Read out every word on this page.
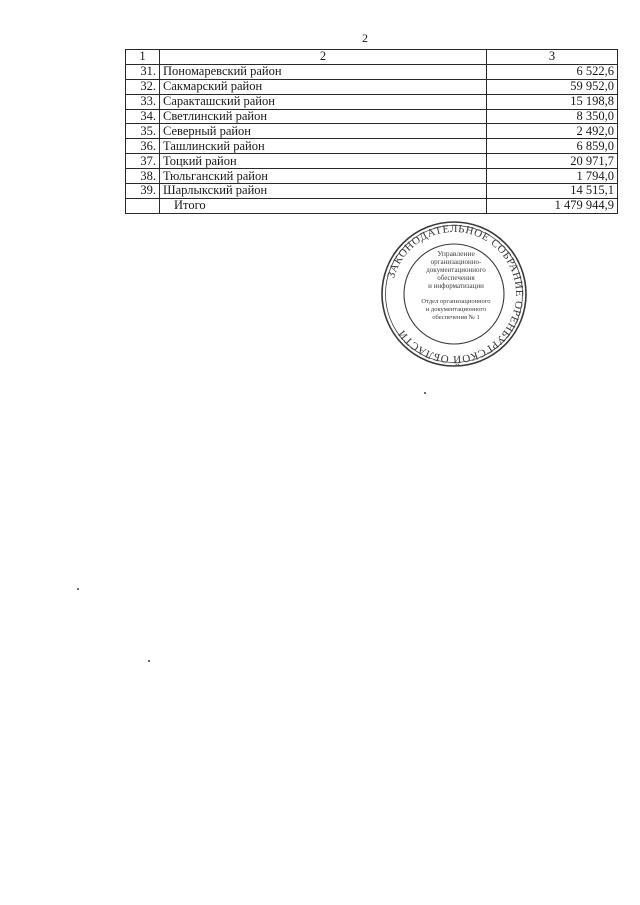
2
1	2	3
31.	Пономаревский район	6 522,6
32.	Сакмарский район	59 952,0
33.	Саракташский район	15 198,8
34.	Светлинский район	8 350,0
35.	Северный район	2 492,0
36.	Ташлинский район	6 859,0
37.	Тоцкий район	20 971,7
38.	Тюльганский район	1 794,0
39.	Шарлыкский район	14 515,1
	Итого	1 479 944,9
ЗАКОНОДАТЕЛЬНОЕ СОБРАНИЕ ОРЕНБУРГСКОЙ ОБЛАСТИ
Управление
организационно-
документационного
обеспечения
и информатизации
Отдел организационного
и документационного
обеспечения № 1
